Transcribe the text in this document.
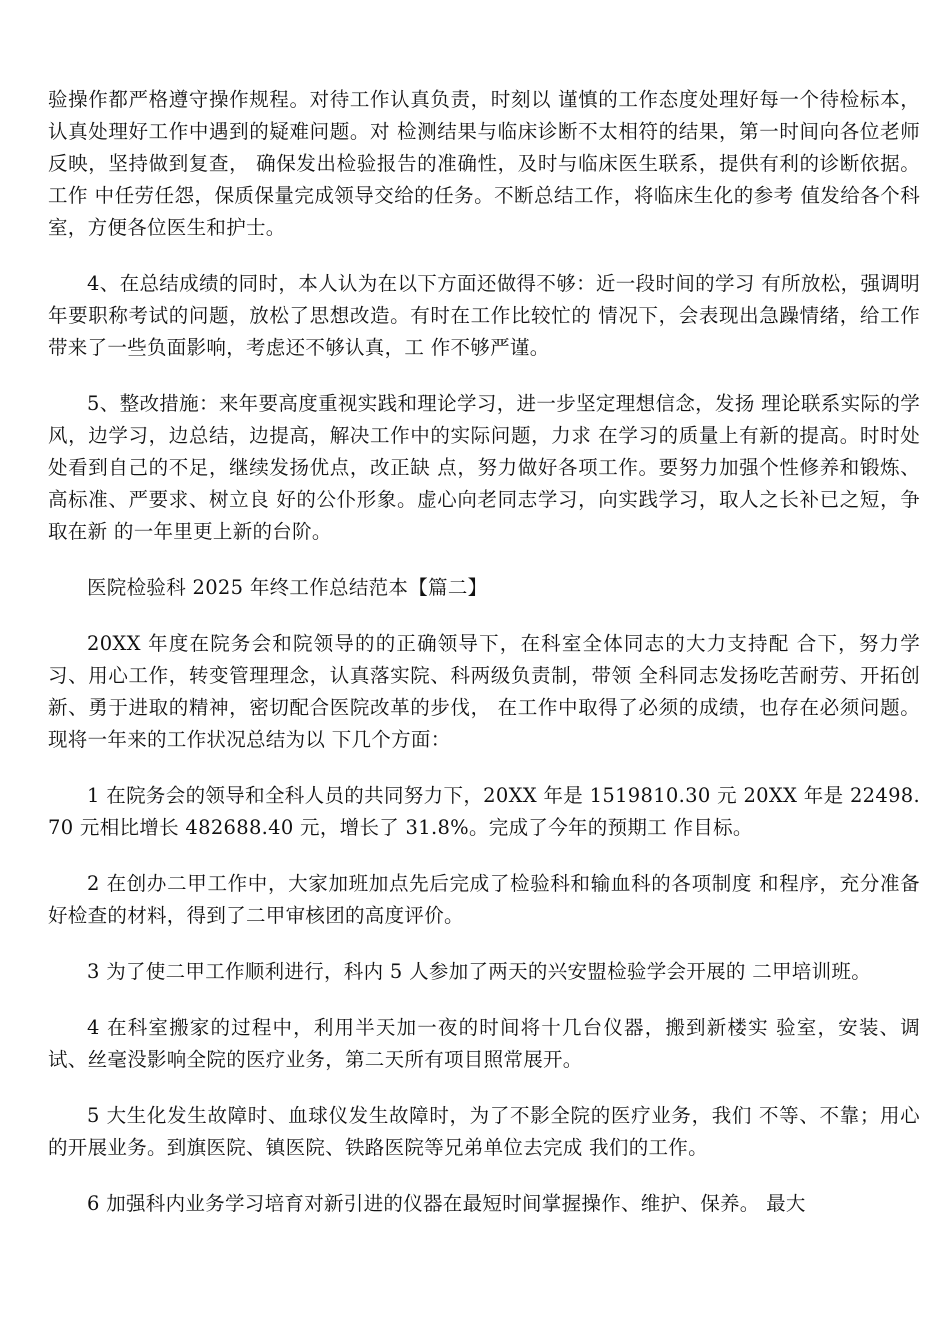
验操作都严格遵守操作规程。对待工作认真负责，时刻以 谨慎的工作态度处理好每一个待检标本，认真处理好工作中遇到的疑难问题。对 检测结果与临床诊断不太相符的结果，第一时间向各位老师反映，坚持做到复查， 确保发出检验报告的准确性，及时与临床医生联系，提供有利的诊断依据。工作 中任劳任怨，保质保量完成领导交给的任务。不断总结工作，将临床生化的参考 值发给各个科室，方便各位医生和护士。

4、在总结成绩的同时，本人认为在以下方面还做得不够：近一段时间的学习 有所放松，强调明年要职称考试的问题，放松了思想改造。有时在工作比较忙的 情况下，会表现出急躁情绪，给工作带来了一些负面影响，考虑还不够认真，工 作不够严谨。

5、整改措施：来年要高度重视实践和理论学习，进一步坚定理想信念，发扬 理论联系实际的学风，边学习，边总结，边提高，解决工作中的实际问题，力求 在学习的质量上有新的提高。时时处处看到自己的不足，继续发扬优点，改正缺 点，努力做好各项工作。要努力加强个性修养和锻炼、高标准、严要求、树立良 好的公仆形象。虚心向老同志学习，向实践学习，取人之长补已之短，争取在新 的一年里更上新的台阶。

医院检验科 2025 年终工作总结范本【篇二】

20XX 年度在院务会和院领导的的正确领导下，在科室全体同志的大力支持配 合下，努力学习、用心工作，转变管理理念，认真落实院、科两级负责制，带领 全科同志发扬吃苦耐劳、开拓创新、勇于进取的精神，密切配合医院改革的步伐， 在工作中取得了必须的成绩，也存在必须问题。现将一年来的工作状况总结为以 下几个方面：

1 在院务会的领导和全科人员的共同努力下，20XX 年是 1519810.30 元 20XX 年是 22498.70 元相比增长 482688.40 元，增长了 31.8%。完成了今年的预期工 作目标。

2 在创办二甲工作中，大家加班加点先后完成了检验科和输血科的各项制度 和程序，充分准备好检查的材料，得到了二甲审核团的高度评价。

3 为了使二甲工作顺利进行，科内 5 人参加了两天的兴安盟检验学会开展的 二甲培训班。

4 在科室搬家的过程中，利用半天加一夜的时间将十几台仪器，搬到新楼实 验室，安装、调试、丝毫没影响全院的医疗业务，第二天所有项目照常展开。

5 大生化发生故障时、血球仪发生故障时，为了不影全院的医疗业务，我们 不等、不靠；用心的开展业务。到旗医院、镇医院、铁路医院等兄弟单位去完成 我们的工作。

6 加强科内业务学习培育对新引进的仪器在最短时间掌握操作、维护、保养。 最大
